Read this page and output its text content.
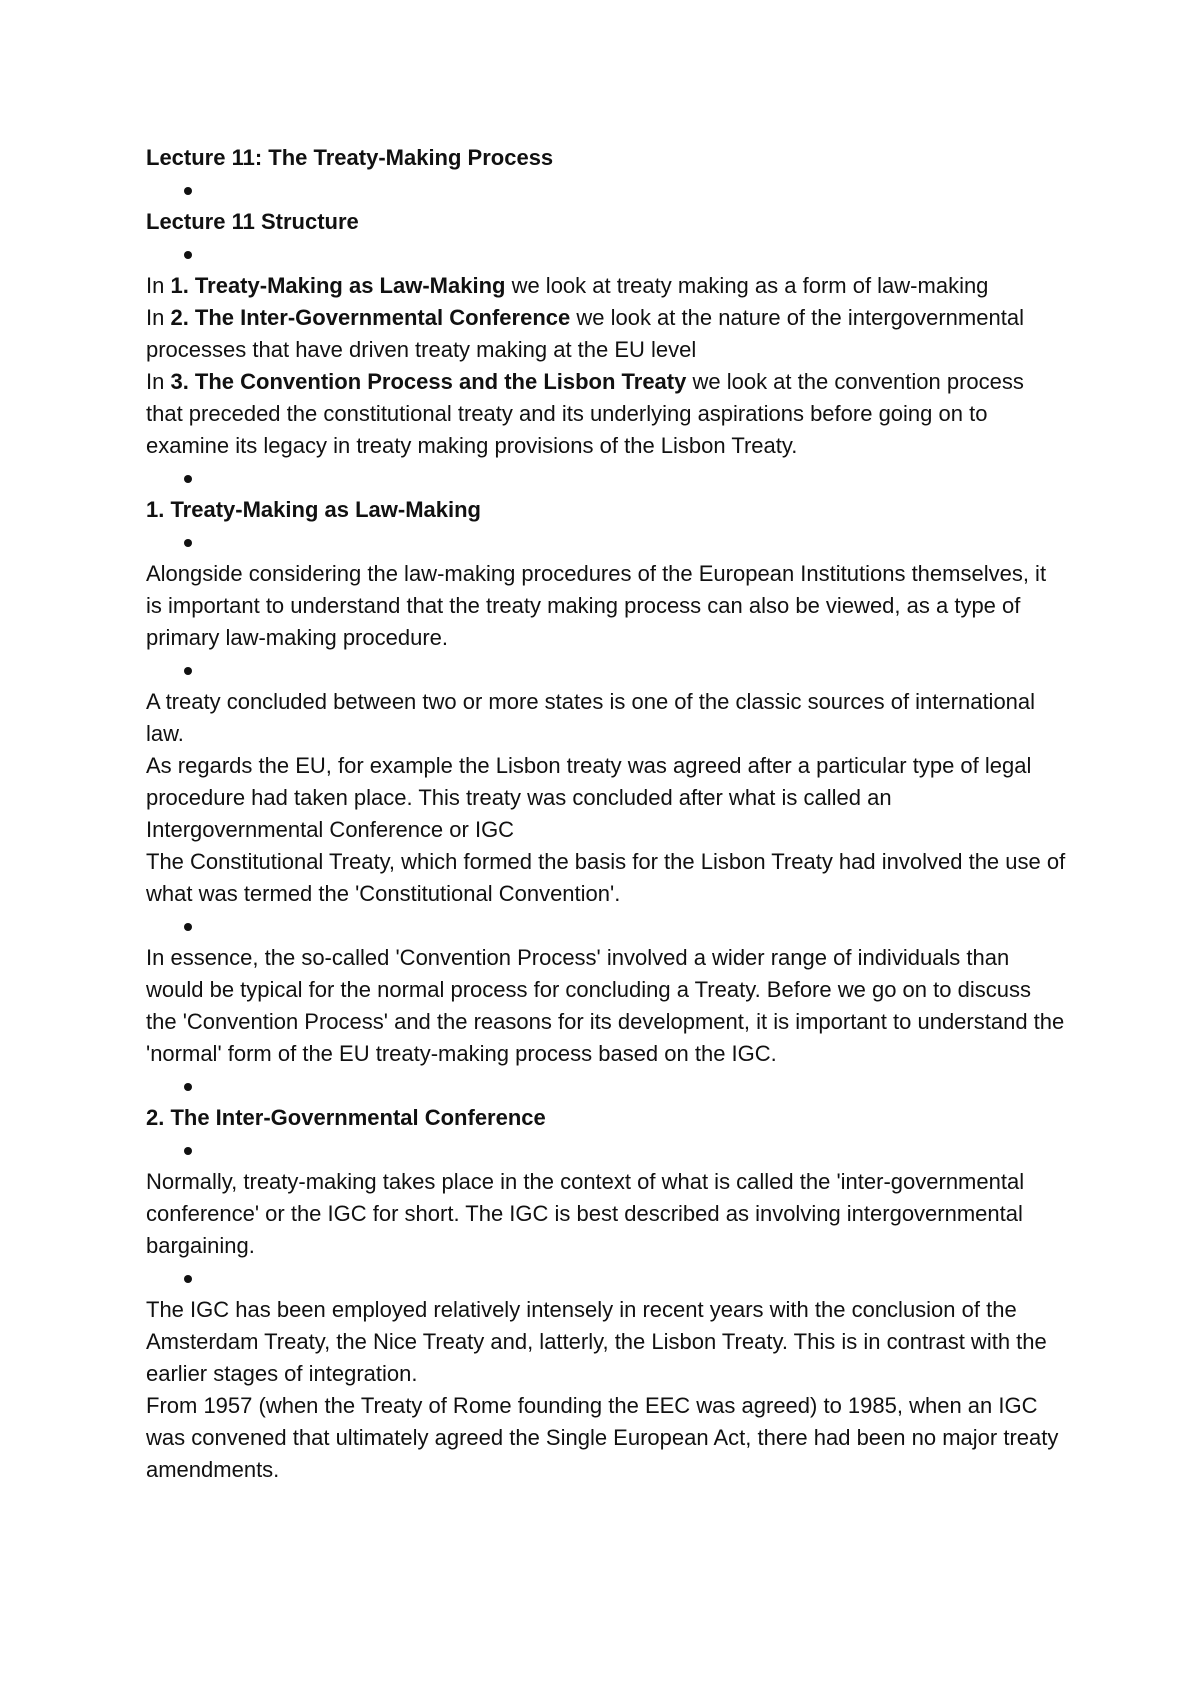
Lecture 11: The Treaty-Making Process

Lecture 11 Structure

In 1. Treaty-Making as Law-Making we look at treaty making as a form of law-making

In 2. The Inter-Governmental Conference we look at the nature of the intergovernmental processes that have driven treaty making at the EU level

In 3. The Convention Process and the Lisbon Treaty we look at the convention process that preceded the constitutional treaty and its underlying aspirations before going on to examine its legacy in treaty making provisions of the Lisbon Treaty.

1. Treaty-Making as Law-Making

Alongside considering the law-making procedures of the European Institutions themselves, it is important to understand that the treaty making process can also be viewed, as a type of primary law-making procedure.

A treaty concluded between two or more states is one of the classic sources of international law.

As regards the EU, for example the Lisbon treaty was agreed after a particular type of legal procedure had taken place. This treaty was concluded after what is called an Intergovernmental Conference or IGC

The Constitutional Treaty, which formed the basis for the Lisbon Treaty had involved the use of what was termed the 'Constitutional Convention'.

In essence, the so-called 'Convention Process' involved a wider range of individuals than would be typical for the normal process for concluding a Treaty. Before we go on to discuss the 'Convention Process' and the reasons for its development, it is important to understand the 'normal' form of the EU treaty-making process based on the IGC.

2. The Inter-Governmental Conference

Normally, treaty-making takes place in the context of what is called the 'inter-governmental conference' or the IGC for short. The IGC is best described as involving intergovernmental bargaining.

The IGC has been employed relatively intensely in recent years with the conclusion of the Amsterdam Treaty, the Nice Treaty and, latterly, the Lisbon Treaty. This is in contrast with the earlier stages of integration.

From 1957 (when the Treaty of Rome founding the EEC was agreed) to 1985, when an IGC was convened that ultimately agreed the Single European Act, there had been no major treaty amendments.
